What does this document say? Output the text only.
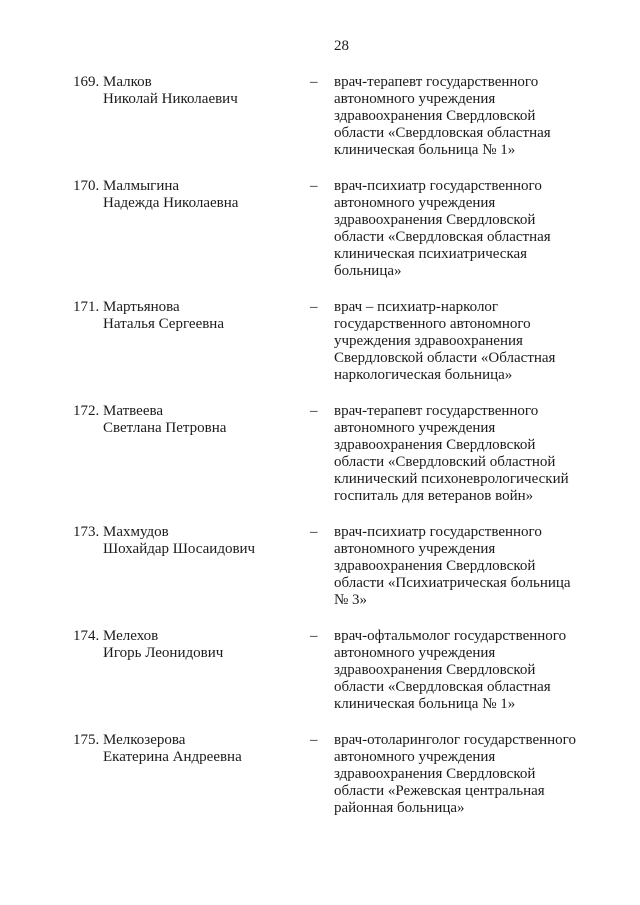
28
169. Малков
Николай Николаевич
–	врач-терапевт государственного автономного учреждения здравоохранения Свердловской области «Свердловская областная клиническая больница № 1»
170. Малмыгина
Надежда Николаевна
–	врач-психиатр государственного автономного учреждения здравоохранения Свердловской области «Свердловская областная клиническая психиатрическая больница»
171. Мартьянова
Наталья Сергеевна
–	врач – психиатр-нарколог государственного автономного учреждения здравоохранения Свердловской области «Областная наркологическая больница»
172. Матвеева
Светлана Петровна
–	врач-терапевт государственного автономного учреждения здравоохранения Свердловской области «Свердловский областной клинический психоневрологический госпиталь для ветеранов войн»
173. Махмудов
Шохайдар Шосаидович
–	врач-психиатр государственного автономного учреждения здравоохранения Свердловской области «Психиатрическая больница № 3»
174. Мелехов
Игорь Леонидович
–	врач-офтальмолог государственного автономного учреждения здравоохранения Свердловской области «Свердловская областная клиническая больница № 1»
175. Мелкозерова
Екатерина Андреевна
–	врач-отоларинголог государственного автономного учреждения здравоохранения Свердловской области «Режевская центральная районная больница»
